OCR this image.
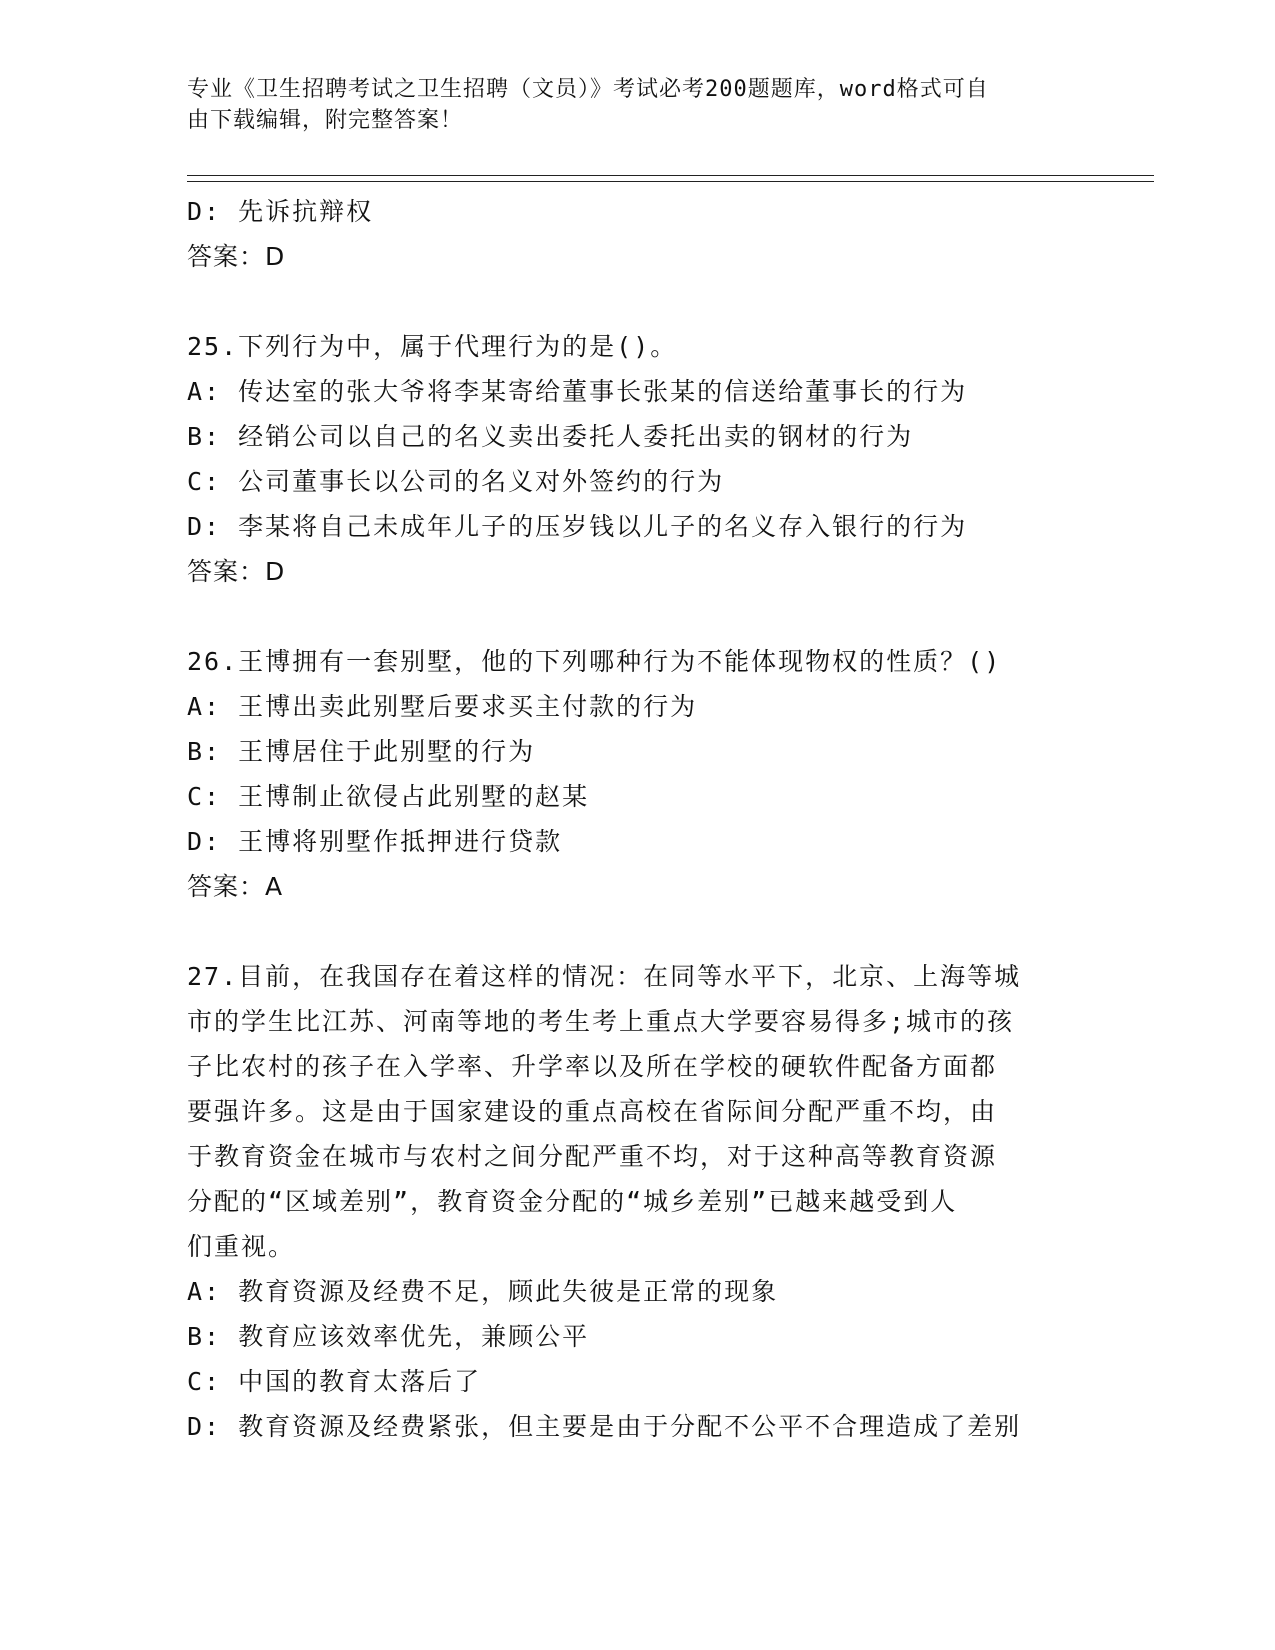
专业《卫生招聘考试之卫生招聘（文员）》考试必考200题题库，word格式可自
由下载编辑，附完整答案！
D: 先诉抗辩权
答案：D
25.下列行为中，属于代理行为的是()。
A: 传达室的张大爷将李某寄给董事长张某的信送给董事长的行为
B: 经销公司以自己的名义卖出委托人委托出卖的钢材的行为
C: 公司董事长以公司的名义对外签约的行为
D: 李某将自己未成年儿子的压岁钱以儿子的名义存入银行的行为
答案：D
26.王博拥有一套别墅，他的下列哪种行为不能体现物权的性质？()
A: 王博出卖此别墅后要求买主付款的行为
B: 王博居住于此别墅的行为
C: 王博制止欲侵占此别墅的赵某
D: 王博将别墅作抵押进行贷款
答案：A
27.目前，在我国存在着这样的情况：在同等水平下，北京、上海等城
市的学生比江苏、河南等地的考生考上重点大学要容易得多;城市的孩
子比农村的孩子在入学率、升学率以及所在学校的硬软件配备方面都
要强许多。这是由于国家建设的重点高校在省际间分配严重不均，由
于教育资金在城市与农村之间分配严重不均，对于这种高等教育资源
分配的“区域差别”，教育资金分配的“城乡差别”已越来越受到人
们重视。
A: 教育资源及经费不足，顾此失彼是正常的现象
B: 教育应该效率优先，兼顾公平
C: 中国的教育太落后了
D: 教育资源及经费紧张，但主要是由于分配不公平不合理造成了差别
